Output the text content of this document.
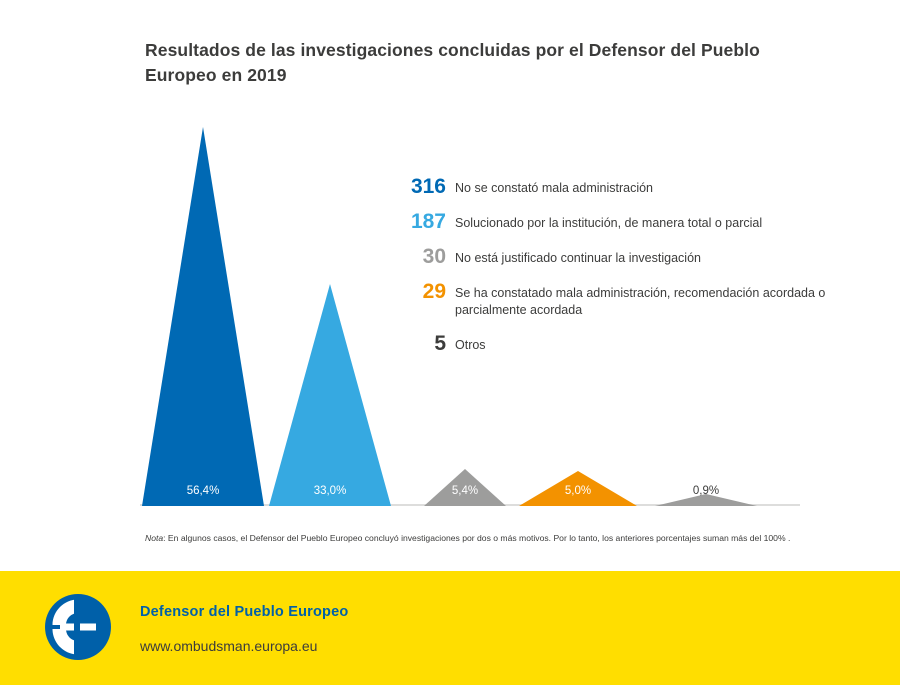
Resultados de las investigaciones concluidas por el Defensor del Pueblo Europeo en 2019
56,4%	33,0%	5,4%	5,0%	0,9%
316 No se constató mala administración
187 Solucionado por la institución, de manera total o parcial
30 No está justificado continuar la investigación
29 Se ha constatado mala administración, recomendación acordada o parcialmente acordada
5 Otros
Nota: En algunos casos, el Defensor del Pueblo Europeo concluyó investigaciones por dos o más motivos. Por lo tanto, los anteriores porcentajes suman más del 100% .
Defensor del Pueblo Europeo
www.ombudsman.europa.eu
